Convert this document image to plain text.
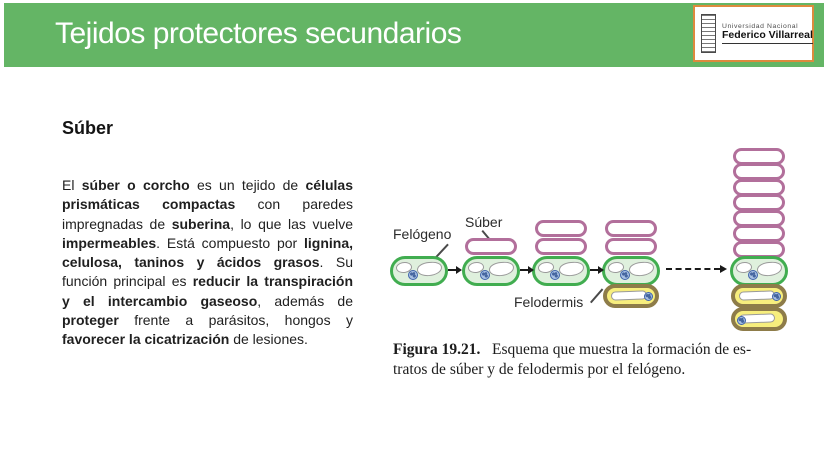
Tejidos protectores secundarios	Universidad Nacional
Federico Villarreal
Súber

El súber o corcho es un tejido de células prismáticas compactas con paredes impregnadas de suberina, lo que las vuelve impermeables. Está compuesto por lignina, celulosa, taninos y ácidos grasos. Su función principal es reducir la transpiración y el intercambio gaseoso, además de proteger frente a parásitos, hongos y favorecer la cicatrización de lesiones.

Felógeno
Súber
Felodermis

Figura 19.21.   Esquema que muestra la formación de es-
tratos de súber y de felodermis por el felógeno.
